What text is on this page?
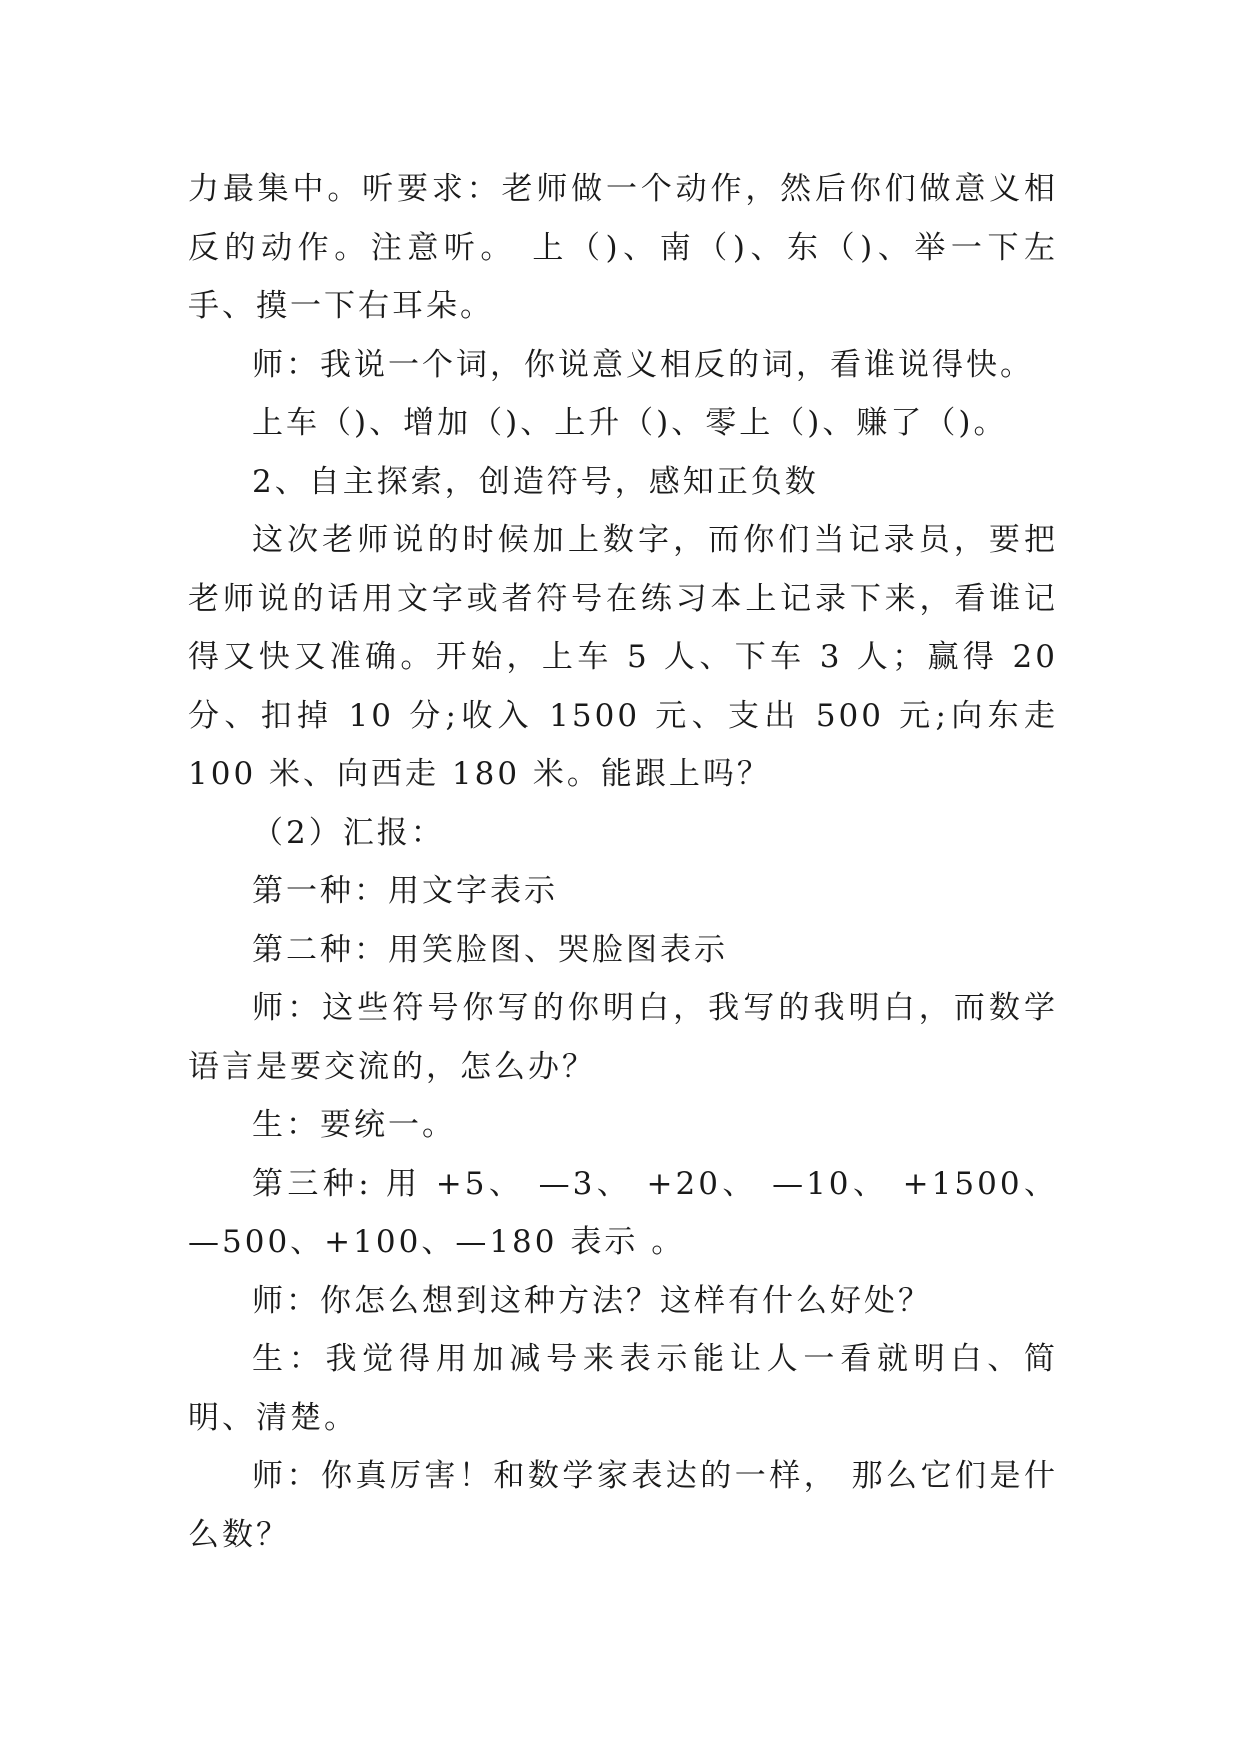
力最集中。听要求：老师做一个动作，然后你们做意义相反的动作。注意听。 上（)、南（)、东（)、举一下左手、摸一下右耳朵。

师：我说一个词，你说意义相反的词，看谁说得快。

上车（)、增加（)、上升（)、零上（)、赚了（)。

2、自主探索，创造符号，感知正负数

这次老师说的时候加上数字，而你们当记录员，要把老师说的话用文字或者符号在练习本上记录下来，看谁记得又快又准确。开始，上车 5 人、下车 3 人；赢得 20 分、扣掉 10 分;收入 1500 元、支出 500 元;向东走 100 米、向西走 180 米。能跟上吗？

（2）汇报：

第一种：用文字表示

第二种：用笑脸图、哭脸图表示

师：这些符号你写的你明白，我写的我明白，而数学语言是要交流的，怎么办？

生：要统一。

第三种: 用 +5、 —3、 +20、 —10、 +1500、 —500、+100、—180 表示 。

师：你怎么想到这种方法？这样有什么好处？

生：我觉得用加减号来表示能让人一看就明白、简明、清楚。

师：你真厉害！和数学家表达的一样， 那么它们是什么数？
